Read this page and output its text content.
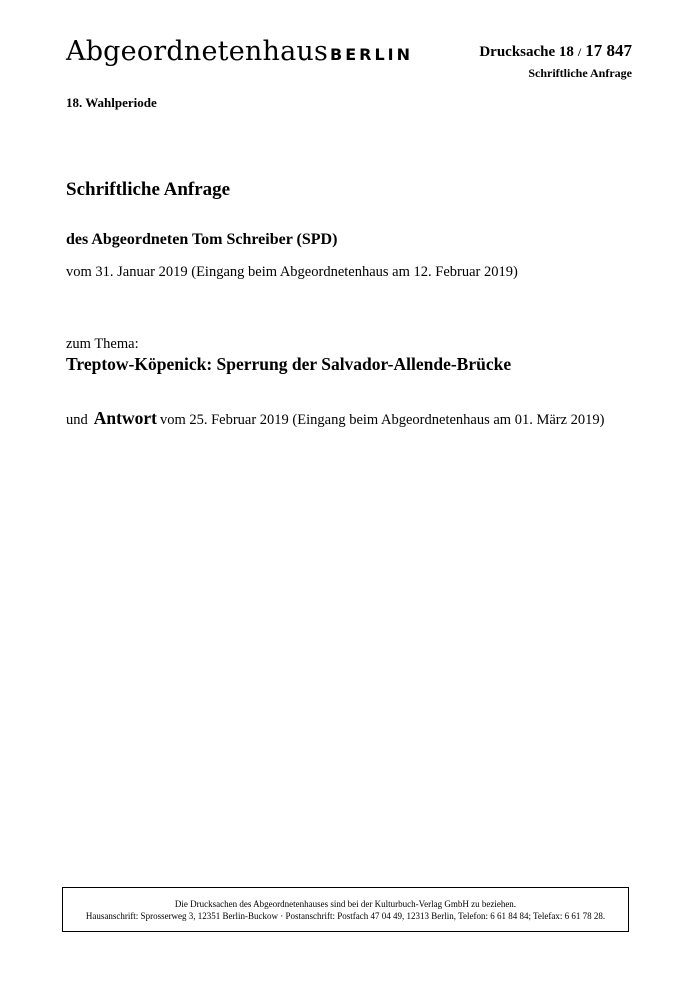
Abgeordnetenhaus BERLIN	Drucksache 18 / 17 847
Schriftliche Anfrage
18. Wahlperiode
Schriftliche Anfrage
des Abgeordneten Tom Schreiber (SPD)
vom 31. Januar 2019 (Eingang beim Abgeordnetenhaus am 12. Februar 2019)
zum Thema:
Treptow-Köpenick: Sperrung der Salvador-Allende-Brücke
und Antwort vom 25. Februar 2019 (Eingang beim Abgeordnetenhaus am 01. März 2019)
Die Drucksachen des Abgeordnetenhauses sind bei der Kulturbuch-Verlag GmbH zu beziehen.
Hausanschrift: Sprosserweg 3, 12351 Berlin-Buckow · Postanschrift: Postfach 47 04 49, 12313 Berlin, Telefon: 6 61 84 84; Telefax: 6 61 78 28.
